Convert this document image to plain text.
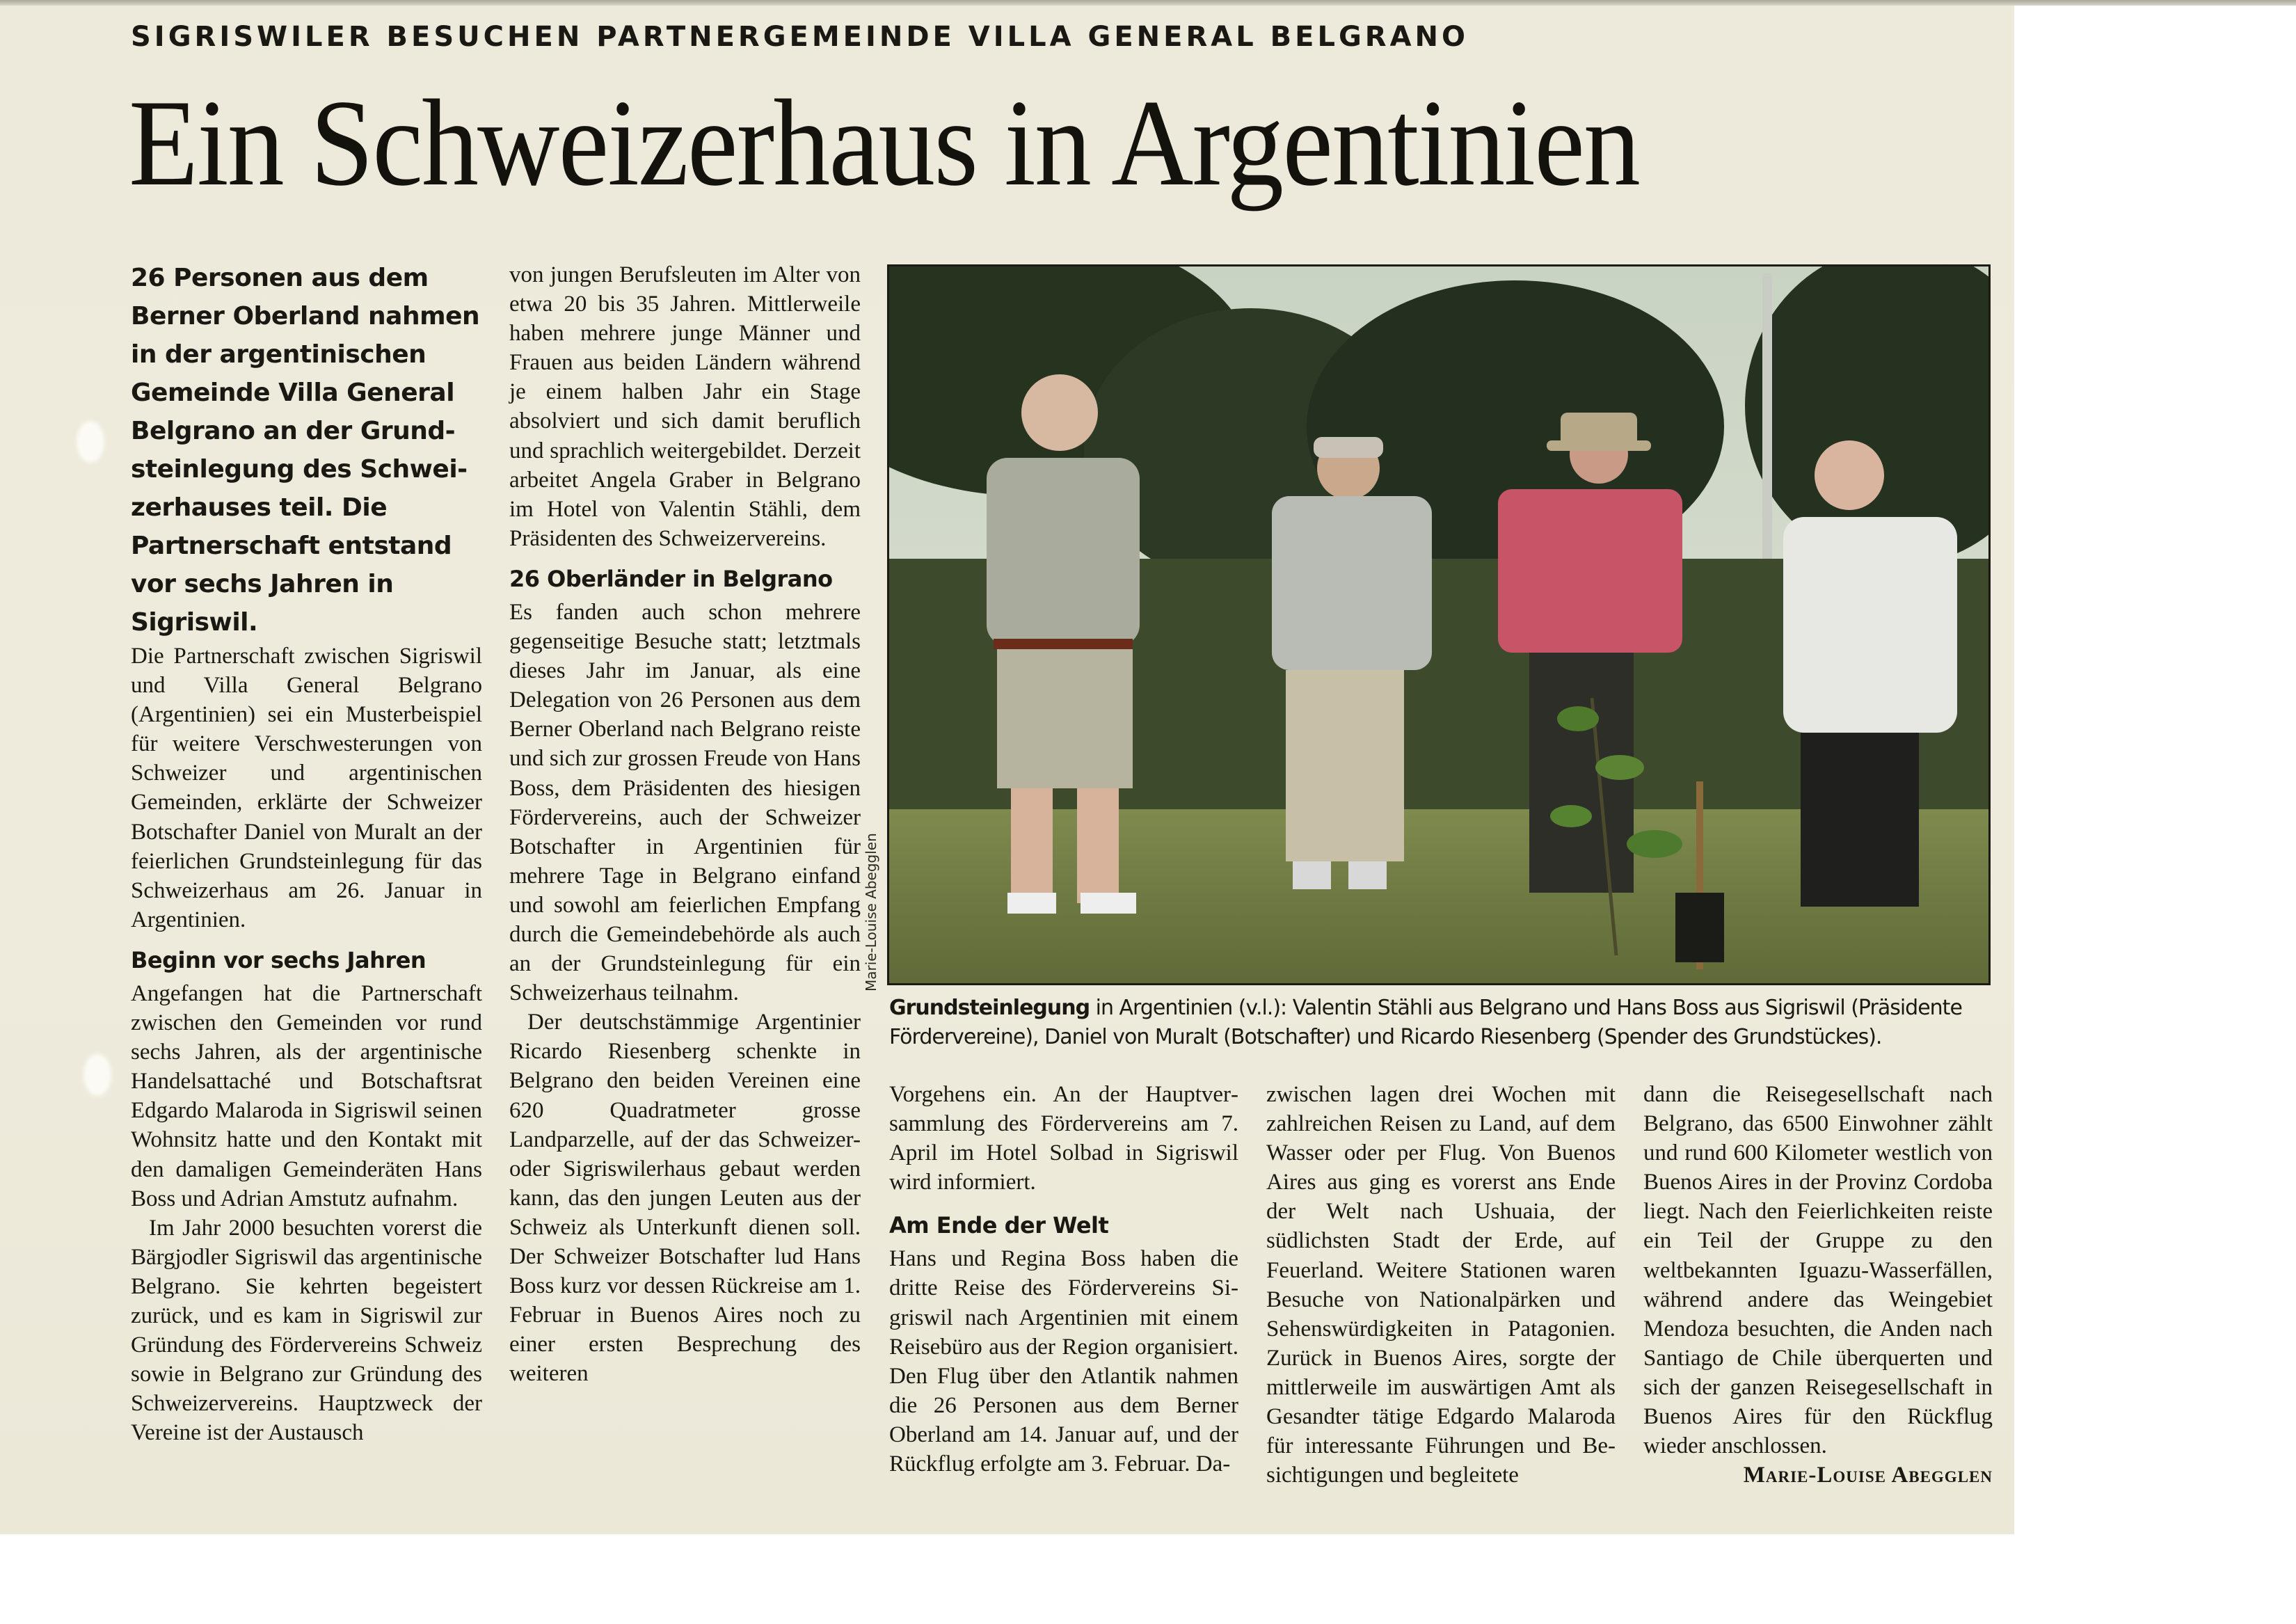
SIGRISWILER BESUCHEN PARTNERGEMEINDE VILLA GENERAL BELGRANO
Ein Schweizerhaus in Argentinien

26 Personen aus dem Berner Oberland nahmen in der argentinischen Gemeinde Villa General Belgrano an der Grundsteinlegung des Schweizerhauses teil. Die Partnerschaft entstand vor sechs Jahren in Sigriswil.

Die Partnerschaft zwischen Sigriswil und Villa General Belgrano (Argentinien) sei ein Musterbeispiel für weitere Verschwesterungen von Schweizer und argentinischen Gemeinden, erklärte der Schweizer Botschafter Daniel von Muralt an der feierlichen Grundsteinlegung für das Schweizerhaus am 26. Januar in Argentinien.

Beginn vor sechs Jahren

Angefangen hat die Partnerschaft zwischen den Gemeinden vor rund sechs Jahren, als der argentinische Handelsattaché und Botschaftsrat Edgardo Malaroda in Sigriswil seinen Wohnsitz hatte und den Kontakt mit den damaligen Gemeinderäten Hans Boss und Adrian Amstutz aufnahm.

Im Jahr 2000 besuchten vorerst die Bärgjodler Sigriswil das argentinische Belgrano. Sie kehrten begeistert zurück, und es kam in Sigriswil zur Gründung des Fördervereins Schweiz sowie in Belgrano zur Gründung des Schweizervereins. Hauptzweck der Vereine ist der Austausch

von jungen Berufsleuten im Alter von etwa 20 bis 35 Jahren. Mittlerweile haben mehrere junge Männer und Frauen aus beiden Ländern während je einem halben Jahr ein Stage absolviert und sich damit beruflich und sprachlich weitergebildet. Derzeit arbeitet Angela Graber in Belgrano im Hotel von Valentin Stähli, dem Präsidenten des Schweizervereins.

26 Oberländer in Belgrano

Es fanden auch schon mehrere gegenseitige Besuche statt; letztmals dieses Jahr im Januar, als eine Delegation von 26 Personen aus dem Berner Oberland nach Belgrano reiste und sich zur grossen Freude von Hans Boss, dem Präsidenten des hiesigen Fördervereins, auch der Schweizer Botschafter in Argentinien für mehrere Tage in Belgrano einfand und sowohl am feierlichen Empfang durch die Gemeindebehörde als auch an der Grundsteinlegung für ein Schweizerhaus teilnahm.

Der deutschstämmige Argentinier Ricardo Riesenberg schenkte in Belgrano den beiden Vereinen eine 620 Quadratmeter grosse Landparzelle, auf der das Schweizer- oder Sigriswilerhaus gebaut werden kann, das den jungen Leuten aus der Schweiz als Unterkunft dienen soll. Der Schweizer Botschafter lud Hans Boss kurz vor dessen Rückreise am 1. Februar in Buenos Aires noch zu einer ersten Besprechung des weiteren

Marie-Louise Abegglen
Grundsteinlegung in Argentinien (v.l.): Valentin Stähli aus Belgrano und Hans Boss aus Sigriswil (Präsidente Fördervereine), Daniel von Muralt (Botschafter) und Ricardo Riesenberg (Spender des Grundstückes).

Vorgehens ein. An der Hauptversammlung des Fördervereins am 7. April im Hotel Solbad in Sigriswil wird informiert.

Am Ende der Welt

Hans und Regina Boss haben die dritte Reise des Fördervereins Sigriswil nach Argentinien mit einem Reisebüro aus der Region organisiert. Den Flug über den Atlantik nahmen die 26 Personen aus dem Berner Oberland am 14. Januar auf, und der Rückflug erfolgte am 3. Februar. Da-

zwischen lagen drei Wochen mit zahlreichen Reisen zu Land, auf dem Wasser oder per Flug. Von Buenos Aires aus ging es vorerst ans Ende der Welt nach Ushuaia, der südlichsten Stadt der Erde, auf Feuerland. Weitere Stationen waren Besuche von Nationalpärken und Sehenswürdigkeiten in Patagonien. Zurück in Buenos Aires, sorgte der mittlerweile im auswärtigen Amt als Gesandter tätige Edgardo Malaroda für interessante Führungen und Besichtigungen und begleitete

dann die Reisegesellschaft nach Belgrano, das 6500 Einwohner zählt und rund 600 Kilometer westlich von Buenos Aires in der Provinz Cordoba liegt. Nach den Feierlichkeiten reiste ein Teil der Gruppe zu den weltbekannten Iguazu-Wasserfällen, während andere das Weingebiet Mendoza besuchten, die Anden nach Santiago de Chile überquerten und sich der ganzen Reisegesellschaft in Buenos Aires für den Rückflug wieder anschlossen.

Marie-Louise Abegglen
